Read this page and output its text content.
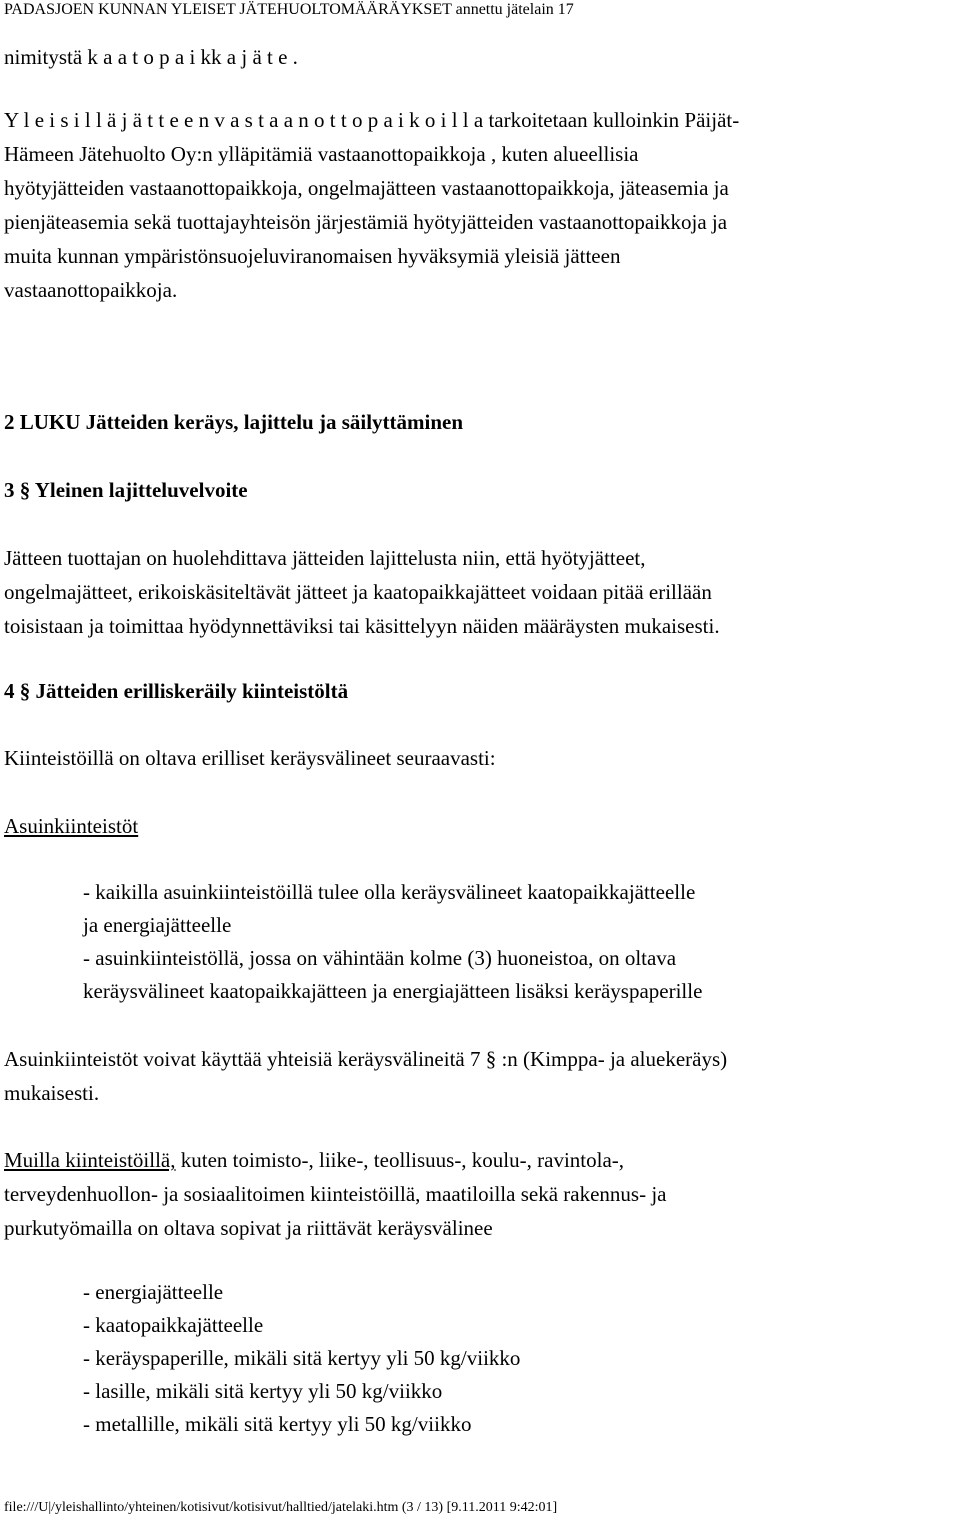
PADASJOEN KUNNAN YLEISET JÄTEHUOLTOMÄÄRÄYKSET annettu jätelain 17
nimitystä k a a t o p a i kk a j ä t e .
Y l e i s i l l ä j ä t t e e n v a s t a a n o t t o p a i k o i l l a tarkoitetaan kulloinkin Päijät-
Hämeen Jätehuolto Oy:n ylläpitämiä vastaanottopaikkoja , kuten alueellisia
hyötyjätteiden vastaanottopaikkoja, ongelmajätteen vastaanottopaikkoja, jäteasemia ja
pienjäteasemia sekä tuottajayhteisön järjestämiä hyötyjätteiden vastaanottopaikkoja ja
muita kunnan ympäristönsuojeluviranomaisen hyväksymiä yleisiä jätteen
vastaanottopaikkoja.
2 LUKU Jätteiden keräys, lajittelu ja säilyttäminen
3 § Yleinen lajitteluvelvoite
Jätteen tuottajan on huolehdittava jätteiden lajittelusta niin, että hyötyjätteet,
ongelmajätteet, erikoiskäsiteltävät jätteet ja kaatopaikkajätteet voidaan pitää erillään
toisistaan ja toimittaa hyödynnettäviksi tai käsittelyyn näiden määräysten mukaisesti.
4 § Jätteiden erilliskeräily kiinteistöltä
Kiinteistöillä on oltava erilliset keräysvälineet seuraavasti:
Asuinkiinteistöt
- kaikilla asuinkiinteistöillä tulee olla keräysvälineet kaatopaikkajätteelle
ja energiajätteelle
- asuinkiinteistöllä, jossa on vähintään kolme (3) huoneistoa, on oltava
keräysvälineet kaatopaikkajätteen ja energiajätteen lisäksi keräyspaperille
Asuinkiinteistöt voivat käyttää yhteisiä keräysvälineitä 7 § :n (Kimppa- ja aluekeräys)
mukaisesti.
Muilla kiinteistöillä, kuten toimisto-, liike-, teollisuus-, koulu-, ravintola-,
terveydenhuollon- ja sosiaalitoimen kiinteistöillä, maatiloilla sekä rakennus- ja
purkutyömailla on oltava sopivat ja riittävät keräysvälinee
- energiajätteelle
- kaatopaikkajätteelle
- keräyspaperille, mikäli sitä kertyy yli 50 kg/viikko
- lasille, mikäli sitä kertyy yli 50 kg/viikko
- metallille, mikäli sitä kertyy yli 50 kg/viikko
file:///U|/yleishallinto/yhteinen/kotisivut/kotisivut/halltied/jatelaki.htm (3 / 13) [9.11.2011 9:42:01]
